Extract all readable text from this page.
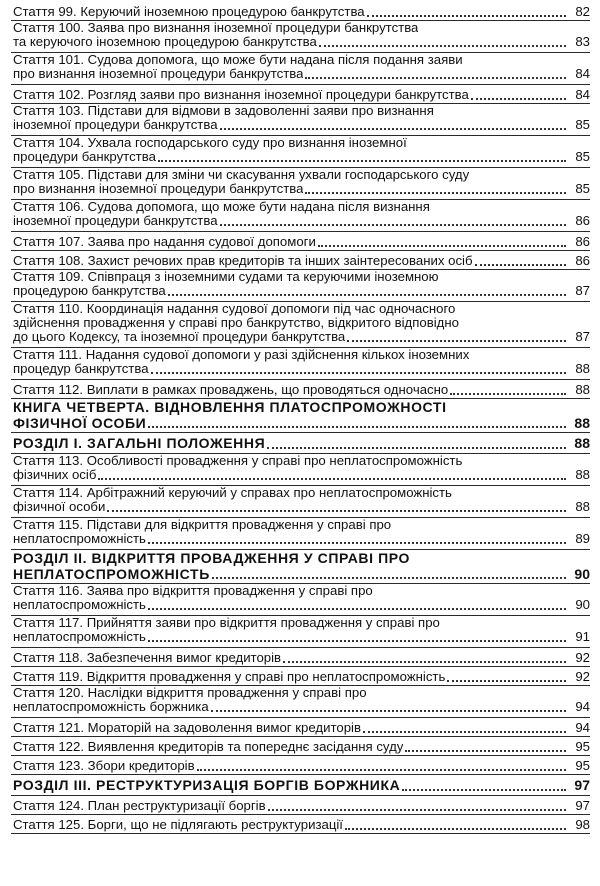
Стаття 99. Керуючий іноземною процедурою банкрутства	82
Стаття 100. Заява про визнання іноземної процедури банкрутства
та керуючого іноземною процедурою банкрутства	83
Стаття 101. Судова допомога, що може бути надана після подання заяви
про визнання іноземної процедури банкрутства	84
Стаття 102. Розгляд заяви про визнання іноземної процедури банкрутства	84
Стаття 103. Підстави для відмови в задоволенні заяви про визнання
іноземної процедури банкрутства	85
Стаття 104. Ухвала господарського суду про визнання іноземної
процедури банкрутства	85
Стаття 105. Підстави для зміни чи скасування ухвали господарського суду
про визнання іноземної процедури банкрутства	85
Стаття 106. Судова допомога, що може бути надана після визнання
іноземної процедури банкрутства	86
Стаття 107. Заява про надання судової допомоги	86
Стаття 108. Захист речових прав кредиторів та інших заінтересованих осіб	86
Стаття 109. Співпраця з іноземними судами та керуючими іноземною
процедурою банкрутства	87
Стаття 110. Координація надання судової допомоги під час одночасного
здійснення провадження у справі про банкрутство, відкритого відповідно
до цього Кодексу, та іноземної процедури банкрутства	87
Стаття 111. Надання судової допомоги у разі здійснення кількох іноземних
процедур банкрутства	88
Стаття 112. Виплати в рамках проваджень, що проводяться одночасно	88
КНИГА ЧЕТВЕРТА. ВІДНОВЛЕННЯ ПЛАТОСПРОМОЖНОСТІ
ФІЗИЧНОЇ ОСОБИ	88
РОЗДІЛ І. ЗАГАЛЬНІ ПОЛОЖЕННЯ	88
Стаття 113. Особливості провадження у справі про неплатоспроможність
фізичних осіб	88
Стаття 114. Арбітражний керуючий у справах про неплатоспроможність
фізичної особи	88
Стаття 115. Підстави для відкриття провадження у справі про
неплатоспроможність	89
РОЗДІЛ ІІ. ВІДКРИТТЯ ПРОВАДЖЕННЯ У СПРАВІ ПРО
НЕПЛАТОСПРОМОЖНІСТЬ	90
Стаття 116. Заява про відкриття провадження у справі про
неплатоспроможність	90
Стаття 117. Прийняття заяви про відкриття провадження у справі про
неплатоспроможність	91
Стаття 118. Забезпечення вимог кредиторів	92
Стаття 119. Відкриття провадження у справі про неплатоспроможність	92
Стаття 120. Наслідки відкриття провадження у справі про
неплатоспроможність боржника	94
Стаття 121. Мораторій на задоволення вимог кредиторів	94
Стаття 122. Виявлення кредиторів та попереднє засідання суду	95
Стаття 123. Збори кредиторів	95
РОЗДІЛ ІІІ. РЕСТРУКТУРИЗАЦІЯ БОРГІВ БОРЖНИКА	97
Стаття 124. План реструктуризації боргів	97
Стаття 125. Борги, що не підлягають реструктуризації	98
